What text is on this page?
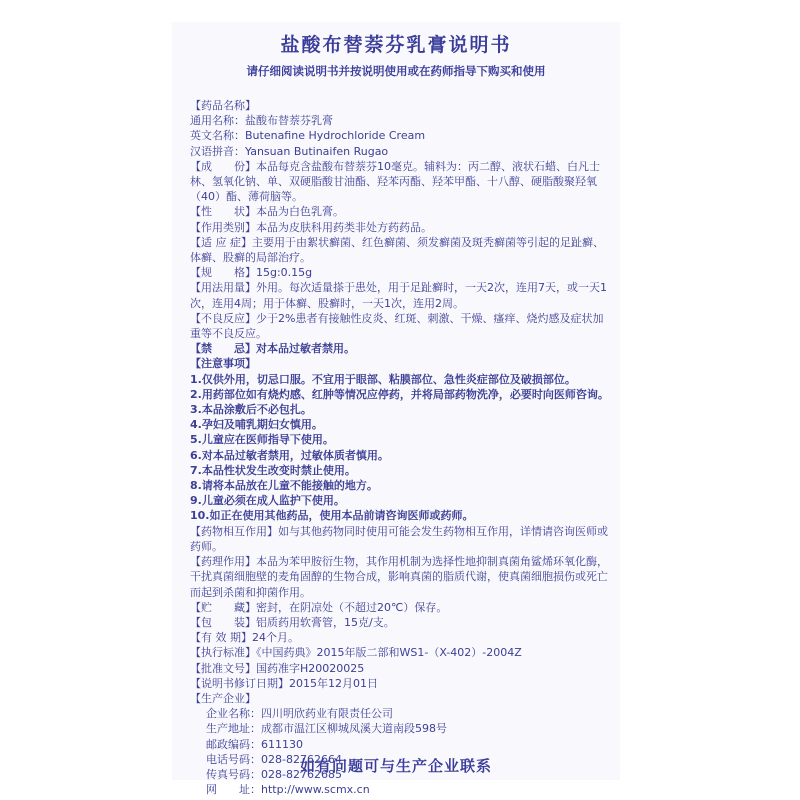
盐酸布替萘芬乳膏说明书
请仔细阅读说明书并按说明使用或在药师指导下购买和使用
【药品名称】
通用名称：盐酸布替萘芬乳膏
英文名称：Butenafine Hydrochloride Cream
汉语拼音：Yansuan Butinaifen Rugao
【成　　份】本品每克含盐酸布替萘芬10毫克。辅料为：丙二醇、液状石蜡、白凡士林、氢氧化钠、单、双硬脂酸甘油酯、羟苯丙酯、羟苯甲酯、十八醇、硬脂酸聚羟氧（40）酯、薄荷脑等。
【性　　状】本品为白色乳膏。
【作用类别】本品为皮肤科用药类非处方药药品。
【适 应 症】主要用于由絮状癣菌、红色癣菌、须发癣菌及斑秃癣菌等引起的足趾癣、体癣、股癣的局部治疗。
【规　　格】15g:0.15g
【用法用量】外用。每次适量搽于患处，用于足趾癣时，一天2次，连用7天，或一天1次，连用4周；用于体癣、股癣时，一天1次，连用2周。
【不良反应】少于2%患者有接触性皮炎、红斑、刺激、干燥、瘙痒、烧灼感及症状加重等不良反应。
【禁　　忌】对本品过敏者禁用。
【注意事项】
1.仅供外用，切忌口服。不宜用于眼部、粘膜部位、急性炎症部位及破损部位。
2.用药部位如有烧灼感、红肿等情况应停药，并将局部药物洗净，必要时向医师咨询。
3.本品涂敷后不必包扎。
4.孕妇及哺乳期妇女慎用。
5.儿童应在医师指导下使用。
6.对本品过敏者禁用，过敏体质者慎用。
7.本品性状发生改变时禁止使用。
8.请将本品放在儿童不能接触的地方。
9.儿童必须在成人监护下使用。
10.如正在使用其他药品，使用本品前请咨询医师或药师。
【药物相互作用】如与其他药物同时使用可能会发生药物相互作用，详情请咨询医师或药师。
【药理作用】本品为苯甲胺衍生物，其作用机制为选择性地抑制真菌角鲨烯环氧化酶，干扰真菌细胞壁的麦角固醇的生物合成，影响真菌的脂质代谢，使真菌细胞损伤或死亡而起到杀菌和抑菌作用。
【贮　　藏】密封，在阴凉处（不超过20℃）保存。
【包　　装】铝质药用软膏管，15克/支。
【有 效 期】24个月。
【执行标准】《中国药典》2015年版二部和WS1-（X-402）-2004Z
【批准文号】国药准字H20020025
【说明书修订日期】2015年12月01日
【生产企业】
企业名称：四川明欣药业有限责任公司
生产地址：成都市温江区柳城凤溪大道南段598号
邮政编码：611130
电话号码：028-82762664
传真号码：028-82762685
网　　址：http://www.scmx.cn
如有问题可与生产企业联系
